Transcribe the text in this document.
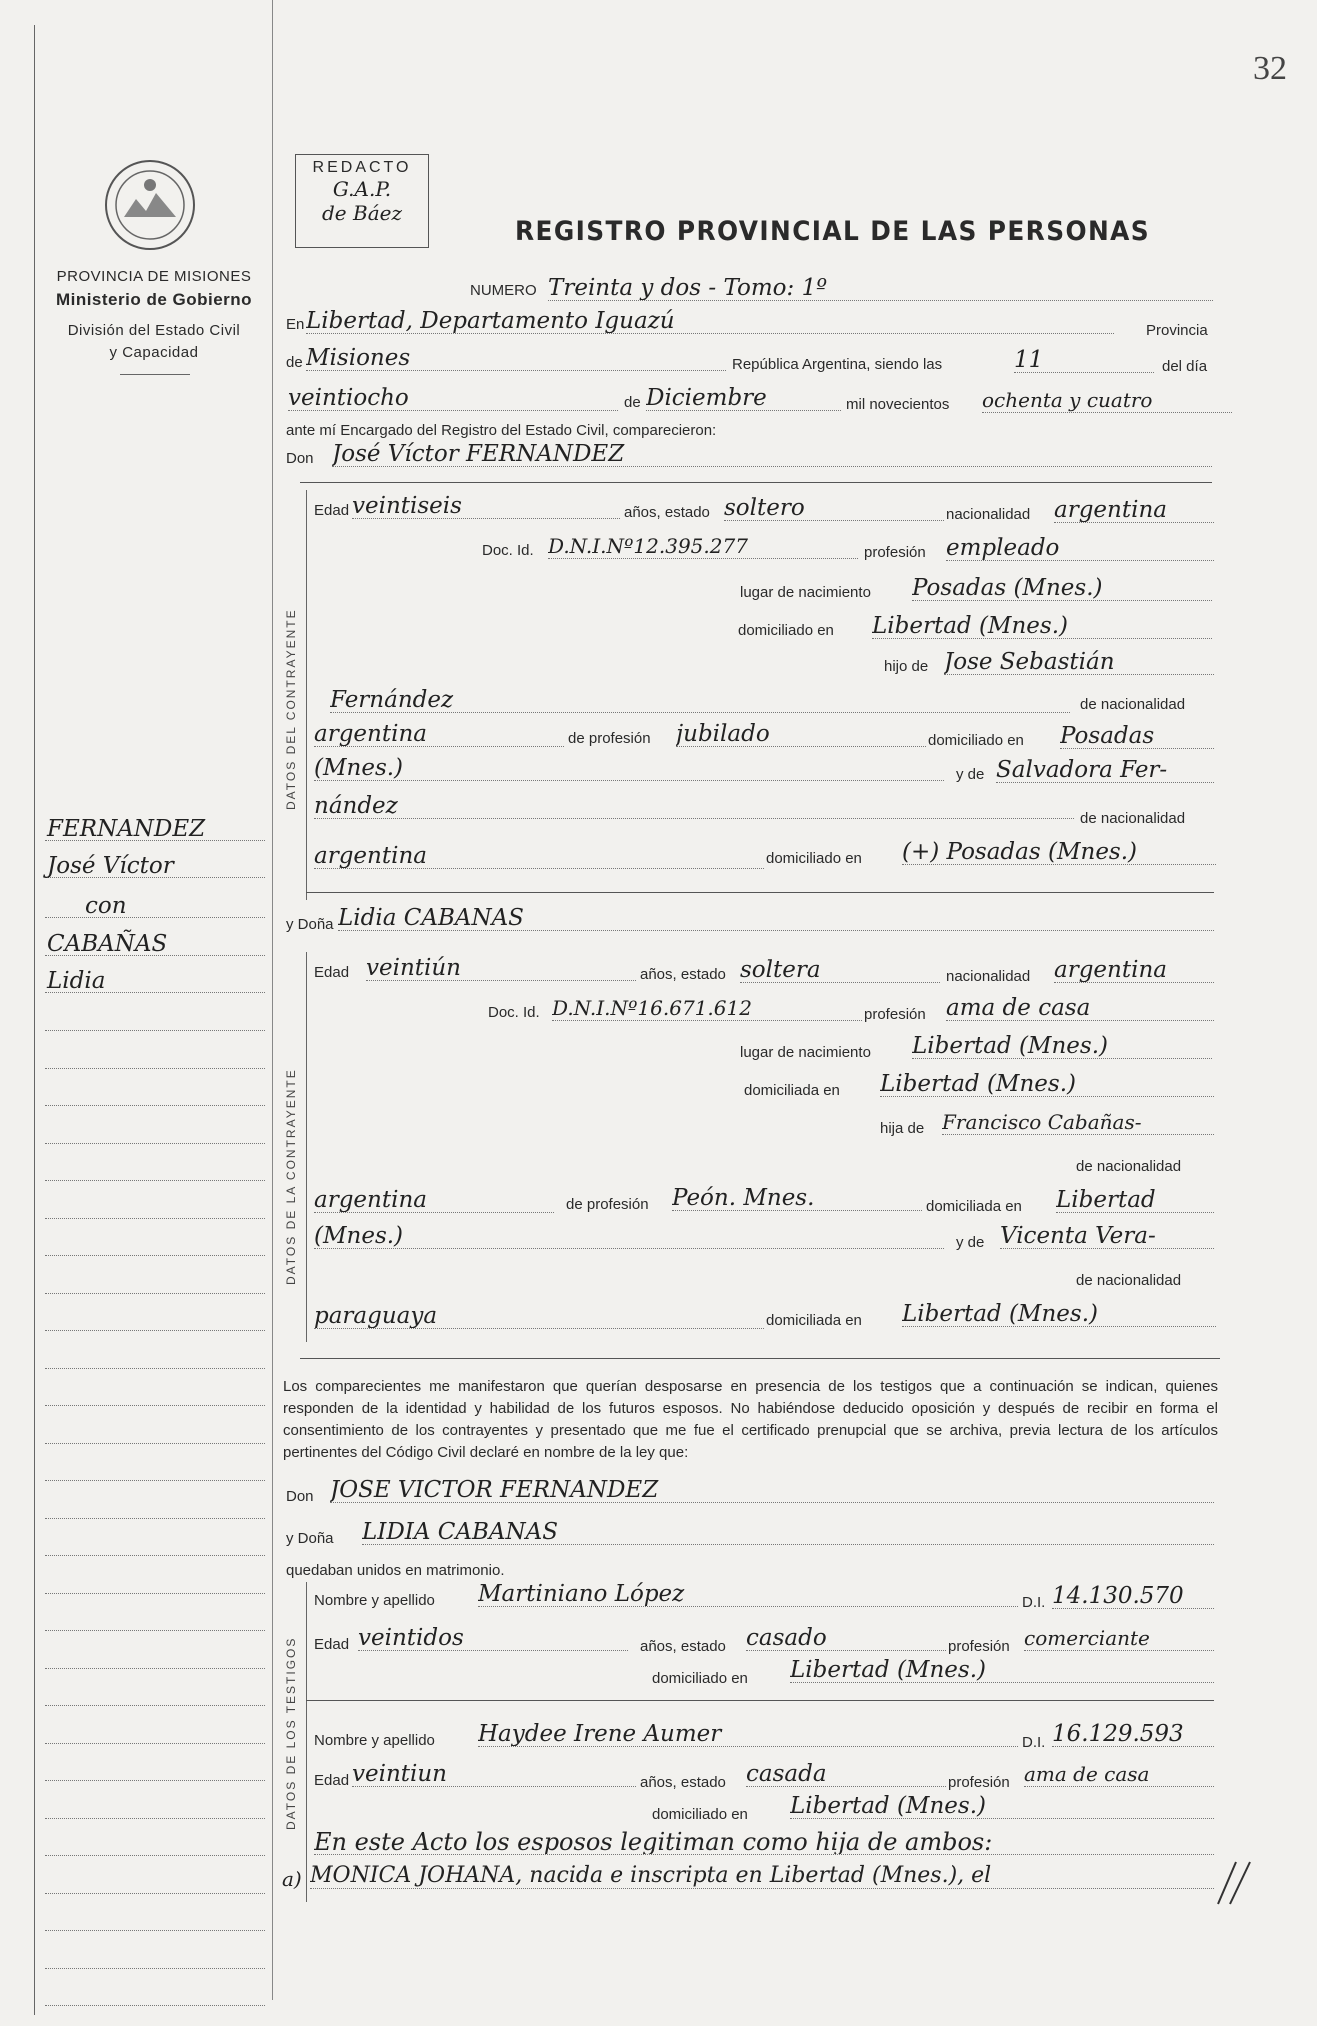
32
PROVINCIA DE MISIONES
Ministerio de Gobierno
División del Estado Civil
y Capacidad
FERNANDEZ
José Víctor
con
CABAÑAS
Lidia
REDACTO
G.A.P.
de Báez
REGISTRO PROVINCIAL DE LAS PERSONAS
NUMERO Treinta y dos - Tomo: 1º
En Libertad, Departamento Iguazú	Provincia
de Misiones	República Argentina, siendo las	11	del día
veintiocho	de Diciembre	mil novecientos ochenta y cuatro
ante mí Encargado del Registro del Estado Civil, comparecieron:
Don José Víctor FERNANDEZ
DATOS DEL CONTRAYENTE
Edad veintiseis	años, estado soltero	nacionalidad argentina
Doc. Id. D.N.I.Nº12.395.277	profesión empleado
lugar de nacimiento Posadas (Mnes.)
domiciliado en Libertad (Mnes.)
hijo de Jose Sebastián
Fernández	de nacionalidad
argentina	de profesión jubilado	domiciliado en Posadas
(Mnes.)	y de Salvadora Fer-
nández	de nacionalidad
argentina	domiciliado en (+) Posadas (Mnes.)
y Doña Lidia CABAÑAS
DATOS DE LA CONTRAYENTE
Edad veintiún	años, estado soltera	nacionalidad argentina
Doc. Id. D.N.I.Nº16.671.612	profesión ama de casa
lugar de nacimiento Libertad (Mnes.)
domiciliada en Libertad (Mnes.)
hija de Francisco Cabañas-
de nacionalidad
argentina	de profesión Peón. Mnes.	domiciliada en Libertad
(Mnes.)	y de Vicenta Vera-
de nacionalidad
paraguaya	domiciliada en Libertad (Mnes.)
Los comparecientes me manifestaron que querían desposarse en presencia de los testigos que a continuación se indican, quienes responden de la identidad y habilidad de los futuros esposos. No habiéndose deducido oposición y después de recibir en forma el consentimiento de los contrayentes y presentado que me fue el certificado prenupcial que se archiva, previa lectura de los artículos pertinentes del Código Civil declaré en nombre de la ley que:
Don JOSE VICTOR FERNANDEZ
y Doña LIDIA CABAÑAS
quedaban unidos en matrimonio.
DATOS DE LOS TESTIGOS
Nombre y apellido Martiniano López	D.I. 14.130.570
Edad veintidos	años, estado casado	profesión comerciante
domiciliado en Libertad (Mnes.)
Nombre y apellido Haydee Irene Aumer	D.I. 16.129.593
Edad veintiun	años, estado casada	profesión ama de casa
domiciliado en Libertad (Mnes.)
En este Acto los esposos legitiman como hija de ambos:
a) MONICA JOHANA, nacida e inscripta en Libertad (Mnes.), el
